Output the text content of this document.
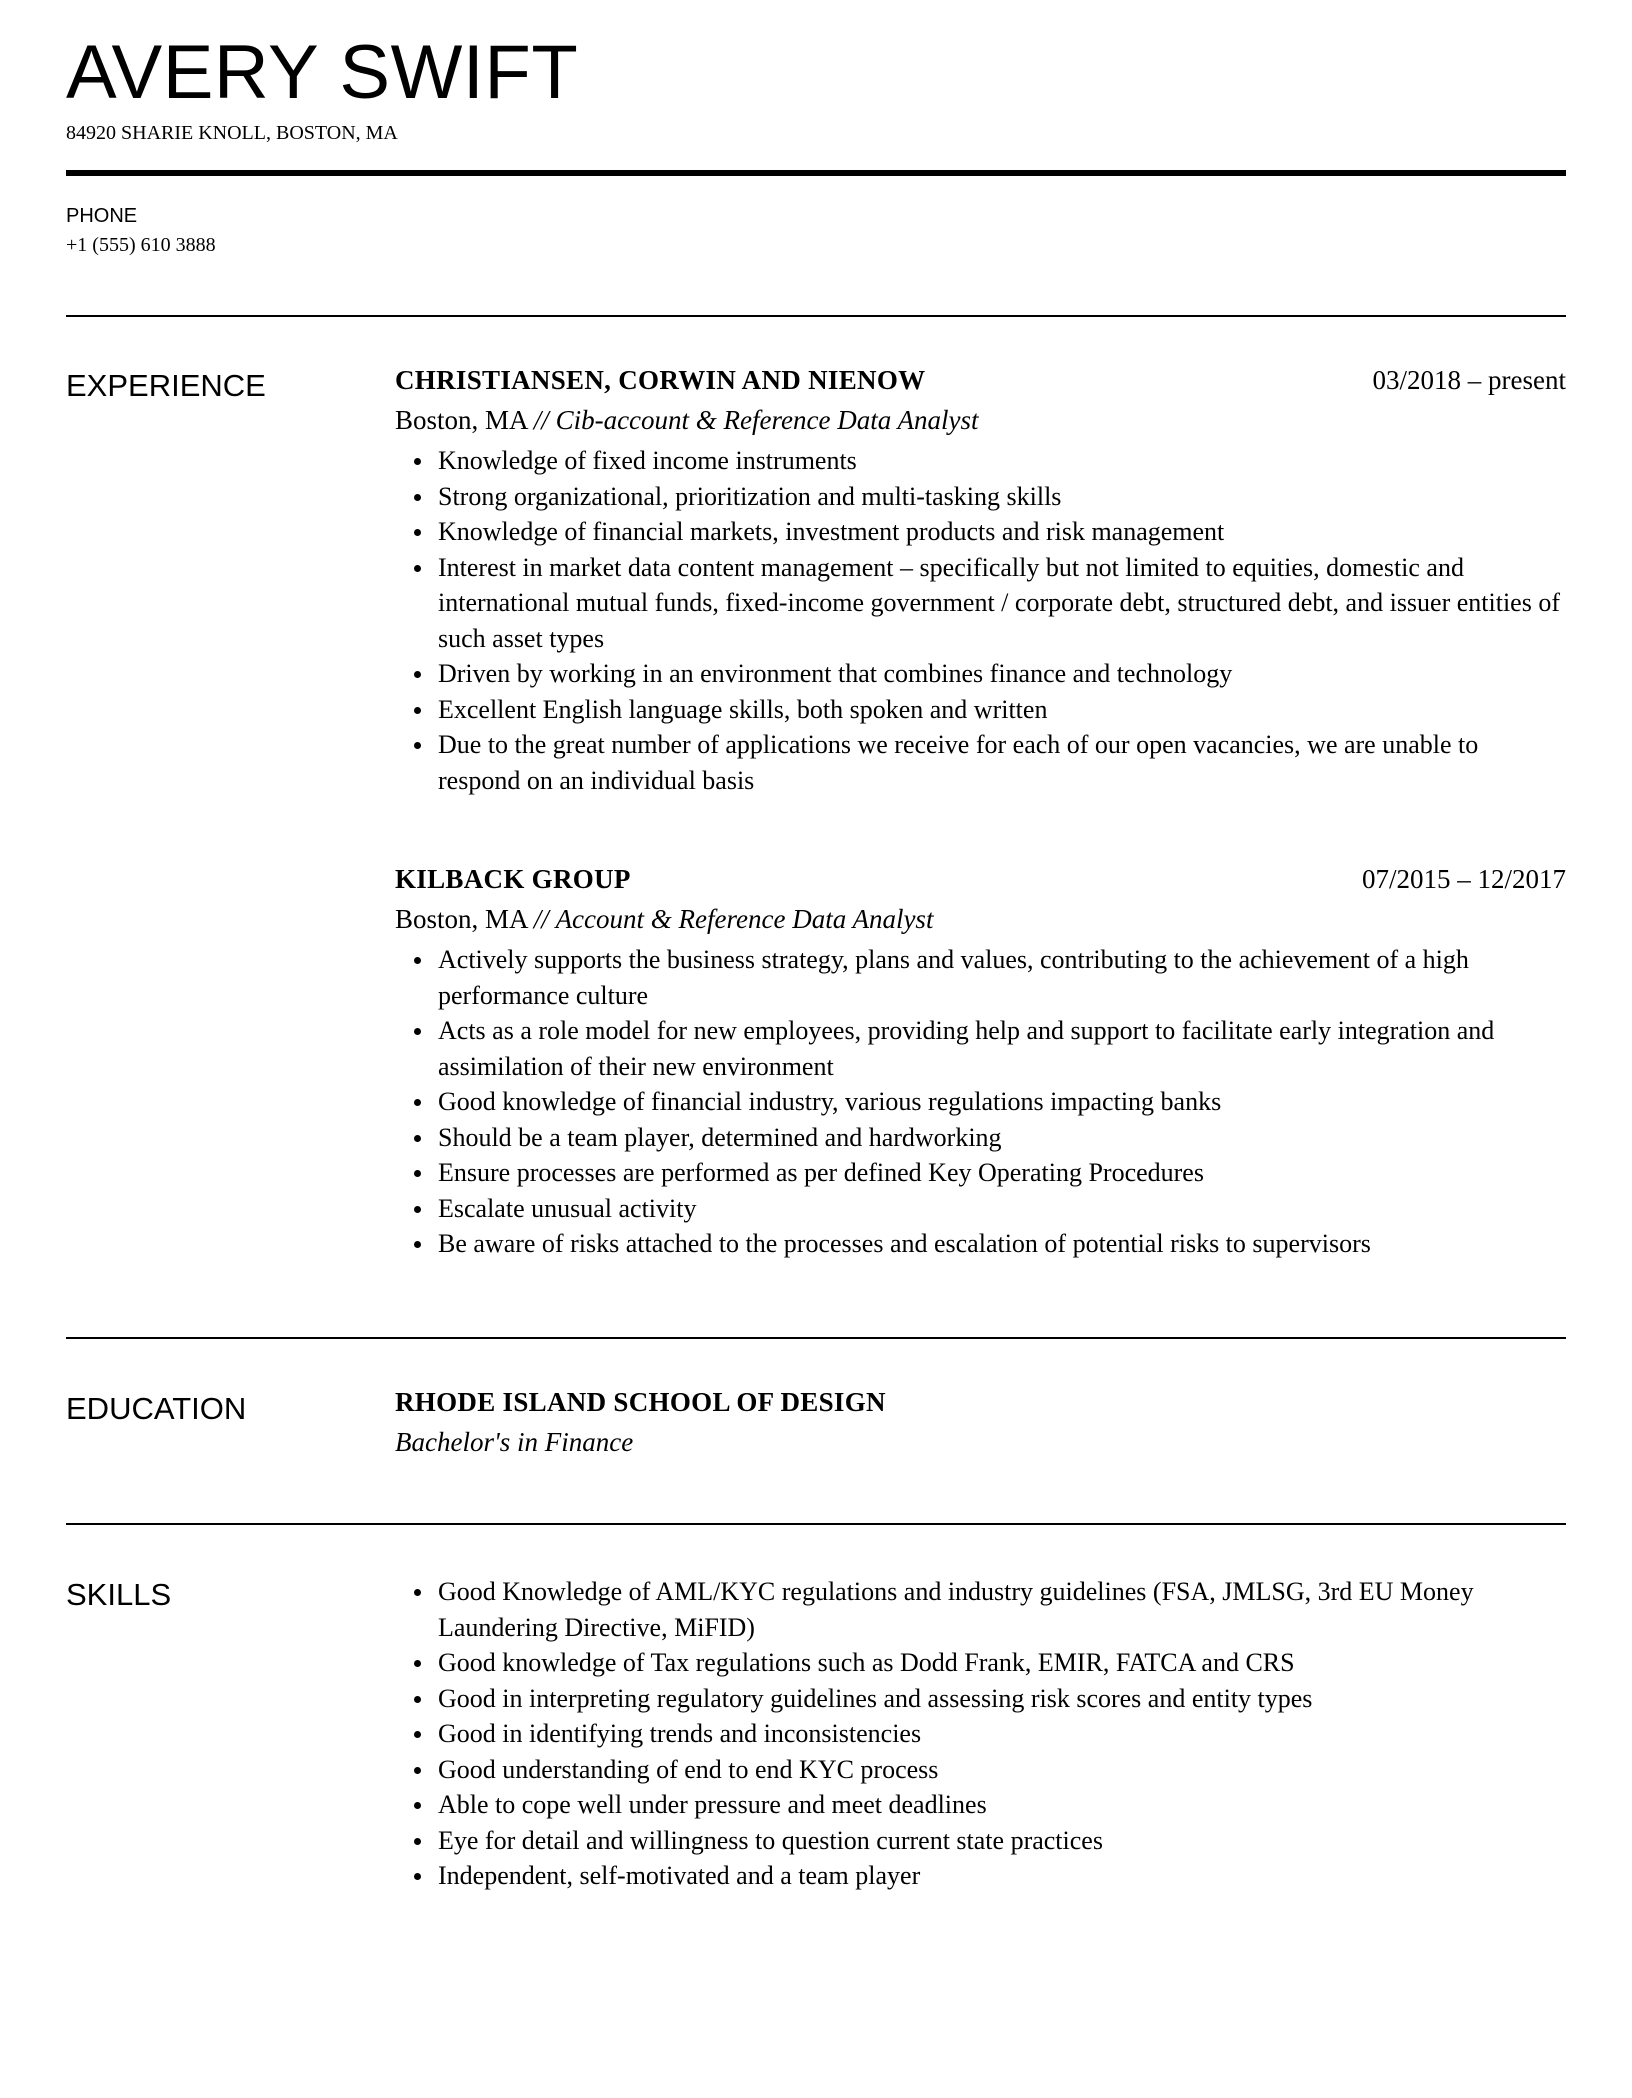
AVERY SWIFT
84920 SHARIE KNOLL, BOSTON, MA
PHONE
+1 (555) 610 3888
EXPERIENCE	CHRISTIANSEN, CORWIN AND NIENOW	03/2018 – present
Boston, MA // Cib-account & Reference Data Analyst
Knowledge of fixed income instruments
Strong organizational, prioritization and multi-tasking skills
Knowledge of financial markets, investment products and risk management
Interest in market data content management – specifically but not limited to equities, domestic and international mutual funds, fixed-income government / corporate debt, structured debt, and issuer entities of such asset types
Driven by working in an environment that combines finance and technology
Excellent English language skills, both spoken and written
Due to the great number of applications we receive for each of our open vacancies, we are unable to respond on an individual basis
KILBACK GROUP	07/2015 – 12/2017
Boston, MA // Account & Reference Data Analyst
Actively supports the business strategy, plans and values, contributing to the achievement of a high performance culture
Acts as a role model for new employees, providing help and support to facilitate early integration and assimilation of their new environment
Good knowledge of financial industry, various regulations impacting banks
Should be a team player, determined and hardworking
Ensure processes are performed as per defined Key Operating Procedures
Escalate unusual activity
Be aware of risks attached to the processes and escalation of potential risks to supervisors
EDUCATION	RHODE ISLAND SCHOOL OF DESIGN
Bachelor's in Finance
SKILLS	Good Knowledge of AML/KYC regulations and industry guidelines (FSA, JMLSG, 3rd EU Money Laundering Directive, MiFID)
Good knowledge of Tax regulations such as Dodd Frank, EMIR, FATCA and CRS
Good in interpreting regulatory guidelines and assessing risk scores and entity types
Good in identifying trends and inconsistencies
Good understanding of end to end KYC process
Able to cope well under pressure and meet deadlines
Eye for detail and willingness to question current state practices
Independent, self-motivated and a team player
